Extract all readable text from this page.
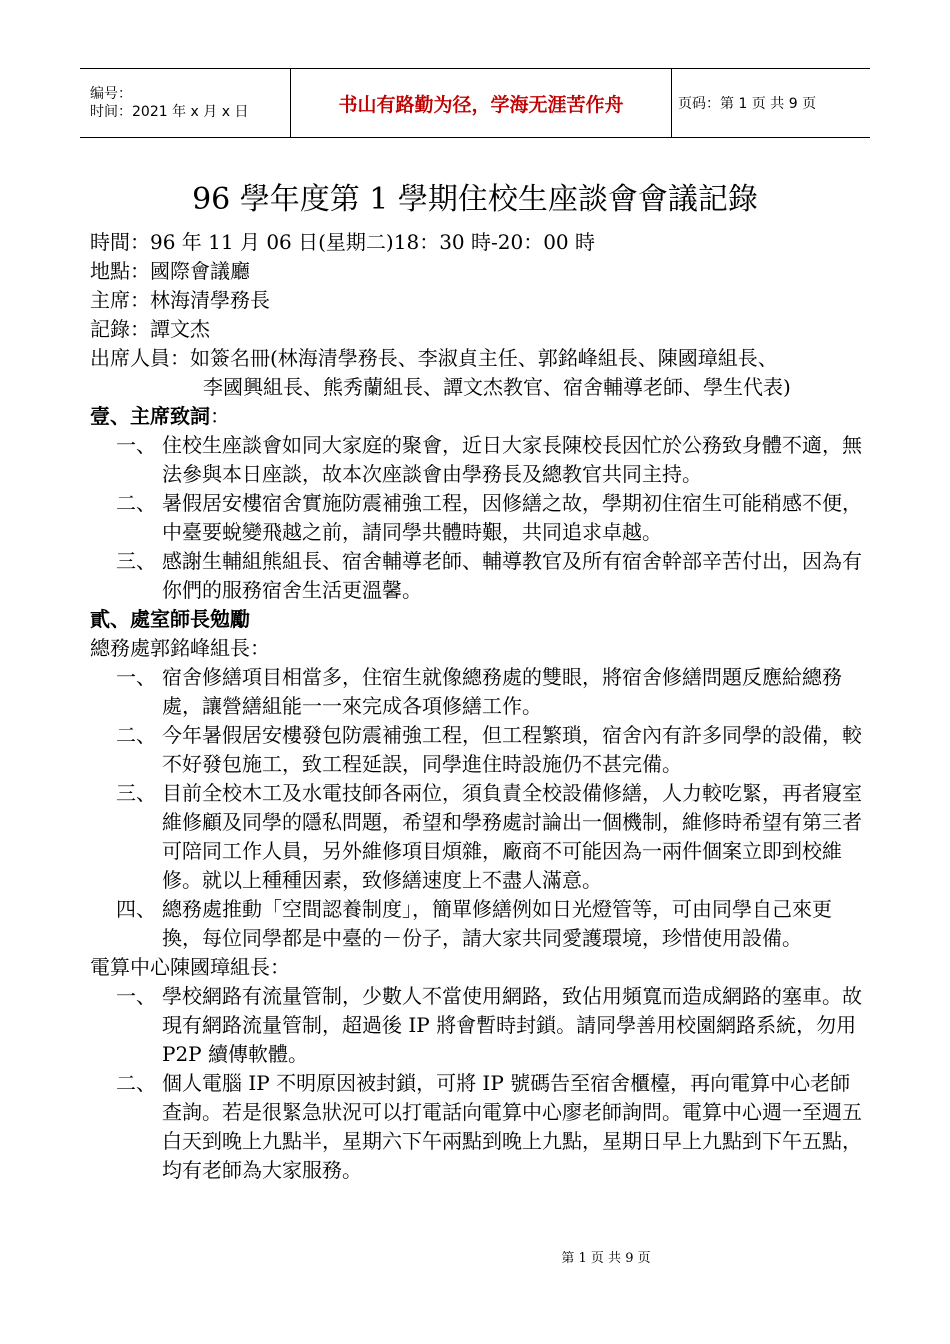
编号：
时间：2021 年 x 月 x 日	书山有路勤为径，学海无涯苦作舟	页码：第 1 页 共 9 页
96 學年度第 1 學期住校生座談會會議記錄
時間：96 年 11 月 06 日(星期二)18：30 時-20：00 時
地點：國際會議廳
主席：林海清學務長
記錄：譚文杰
出席人員：如簽名冊(林海清學務長、李淑貞主任、郭銘峰組長、陳國璋組長、
李國興組長、熊秀蘭組長、譚文杰教官、宿舍輔導老師、學生代表)
壹、主席致詞：
一、 住校生座談會如同大家庭的聚會，近日大家長陳校長因忙於公務致身體不適，無法參與本日座談，故本次座談會由學務長及總教官共同主持。
二、 暑假居安樓宿舍實施防震補強工程，因修繕之故，學期初住宿生可能稍感不便，中臺要蛻變飛越之前，請同學共體時艱，共同追求卓越。
三、 感謝生輔組熊組長、宿舍輔導老師、輔導教官及所有宿舍幹部辛苦付出，因為有你們的服務宿舍生活更溫馨。
貳、處室師長勉勵
總務處郭銘峰組長：
一、 宿舍修繕項目相當多，住宿生就像總務處的雙眼，將宿舍修繕問題反應給總務處，讓營繕組能一一來完成各項修繕工作。
二、 今年暑假居安樓發包防震補強工程，但工程繁瑣，宿舍內有許多同學的設備，較不好發包施工，致工程延誤，同學進住時設施仍不甚完備。
三、 目前全校木工及水電技師各兩位，須負責全校設備修繕，人力較吃緊，再者寢室維修顧及同學的隱私問題，希望和學務處討論出一個機制，維修時希望有第三者可陪同工作人員，另外維修項目煩雜，廠商不可能因為一兩件個案立即到校維修。就以上種種因素，致修繕速度上不盡人滿意。
四、 總務處推動「空間認養制度」，簡單修繕例如日光燈管等，可由同學自己來更換，每位同學都是中臺的－份子，請大家共同愛護環境，珍惜使用設備。
電算中心陳國璋組長：
一、 學校網路有流量管制，少數人不當使用網路，致佔用頻寬而造成網路的塞車。故現有網路流量管制，超過後 IP 將會暫時封鎖。請同學善用校園網路系統，勿用 P2P 續傳軟體。
二、 個人電腦 IP 不明原因被封鎖，可將 IP 號碼告至宿舍櫃檯，再向電算中心老師查詢。若是很緊急狀況可以打電話向電算中心廖老師詢問。電算中心週一至週五白天到晚上九點半，星期六下午兩點到晚上九點，星期日早上九點到下午五點，均有老師為大家服務。
第 1 页 共 9 页
